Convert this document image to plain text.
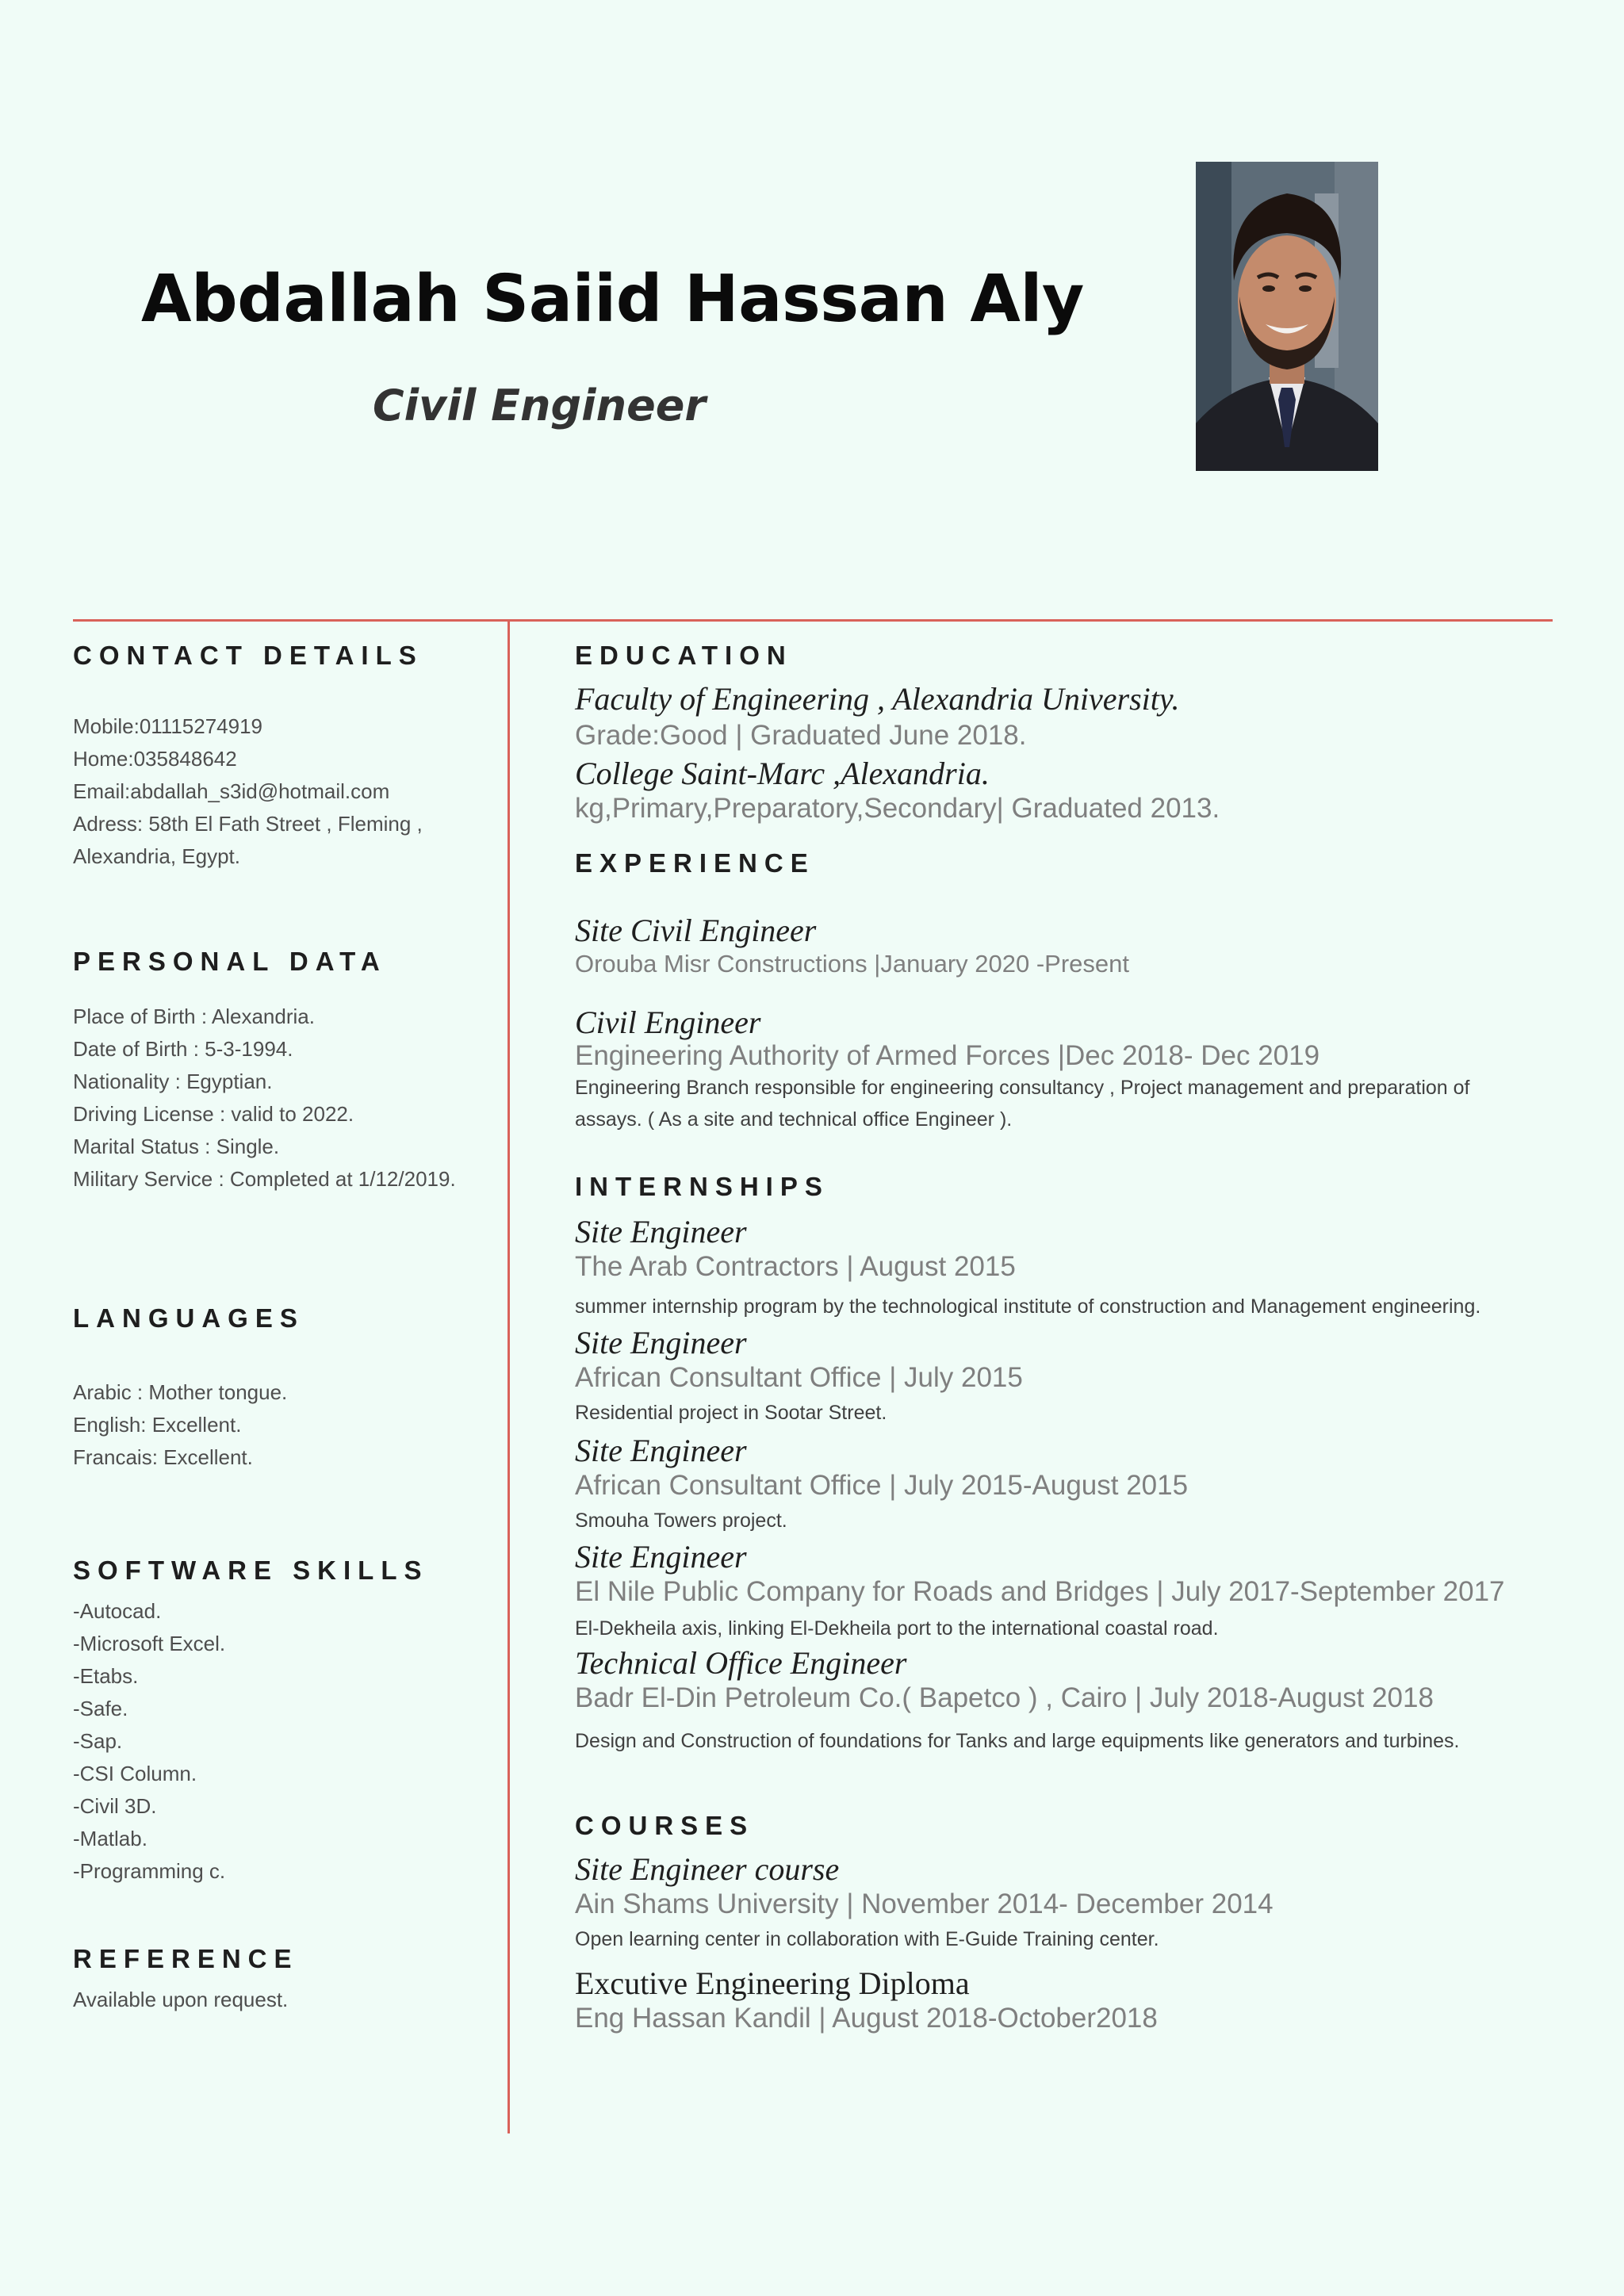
Abdallah Saiid Hassan Aly
Civil Engineer
CONTACT DETAILS
Mobile:01115274919
Home:035848642
Email:abdallah_s3id@hotmail.com
Adress: 58th El Fath Street , Fleming ,
Alexandria, Egypt.
PERSONAL DATA
Place of Birth : Alexandria.
Date of Birth : 5-3-1994.
Nationality : Egyptian.
Driving License : valid to 2022.
Marital Status : Single.
Military Service : Completed at 1/12/2019.
LANGUAGES
Arabic : Mother tongue.
English: Excellent.
Francais: Excellent.
SOFTWARE SKILLS
-Autocad.
-Microsoft Excel.
-Etabs.
-Safe.
-Sap.
-CSI Column.
-Civil 3D.
-Matlab.
-Programming c.
REFERENCE
Available upon request.
EDUCATION
Faculty of Engineering , Alexandria University.
Grade:Good | Graduated June 2018.
College Saint-Marc ,Alexandria.
kg,Primary,Preparatory,Secondary| Graduated 2013.
EXPERIENCE
Site Civil Engineer
Orouba Misr Constructions |January 2020 -Present
Civil Engineer
Engineering Authority of Armed Forces |Dec 2018- Dec 2019
Engineering Branch responsible for engineering consultancy , Project management and preparation of assays. ( As a site and technical office Engineer ).
INTERNSHIPS
Site Engineer
The Arab Contractors | August 2015
summer internship program by the technological institute of construction and Management engineering.
Site Engineer
African Consultant Office | July 2015
Residential project in Sootar Street.
Site Engineer
African Consultant Office | July 2015-August 2015
Smouha Towers project.
Site Engineer
El Nile Public Company for Roads and Bridges | July 2017-September 2017
El-Dekheila axis, linking El-Dekheila port to the international coastal road.
Technical Office Engineer
Badr El-Din Petroleum Co.( Bapetco ) , Cairo | July 2018-August 2018
Design and Construction of foundations for Tanks and large equipments like generators and turbines.
COURSES
Site Engineer course
Ain Shams University | November 2014- December 2014
Open learning center in collaboration with E-Guide Training center.
Excutive Engineering Diploma
Eng Hassan Kandil | August 2018-October2018
